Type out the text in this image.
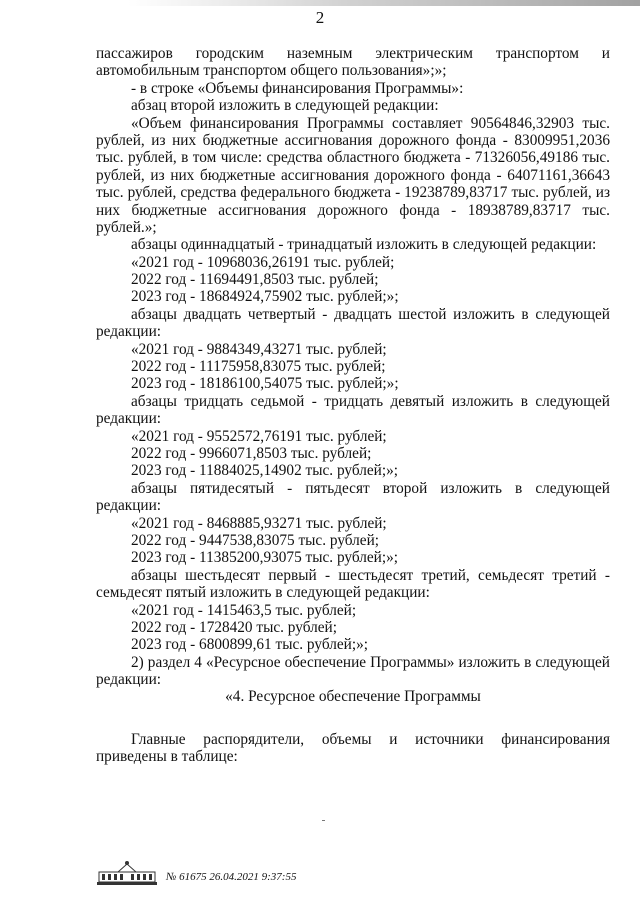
2
пассажиров городским наземным электрическим транспортом и
автомобильным транспортом общего пользования»;»;
- в строке «Объемы финансирования Программы»:
абзац второй изложить в следующей редакции:
«Объем финансирования Программы составляет 90564846,32903 тыс.
рублей, из них бюджетные ассигнования дорожного фонда - 83009951,2036
тыс. рублей, в том числе: средства областного бюджета - 71326056,49186 тыс.
рублей, из них бюджетные ассигнования дорожного фонда - 64071161,36643
тыс. рублей, средства федерального бюджета - 19238789,83717 тыс. рублей, из
них бюджетные ассигнования дорожного фонда - 18938789,83717 тыс.
рублей.»;
абзацы одиннадцатый - тринадцатый изложить в следующей редакции:
«2021 год - 10968036,26191 тыс. рублей;
2022 год - 11694491,8503 тыс. рублей;
2023 год - 18684924,75902 тыс. рублей;»;
абзацы двадцать четвертый - двадцать шестой изложить в следующей
редакции:
«2021 год - 9884349,43271 тыс. рублей;
2022 год - 11175958,83075 тыс. рублей;
2023 год - 18186100,54075 тыс. рублей;»;
абзацы тридцать седьмой - тридцать девятый изложить в следующей
редакции:
«2021 год - 9552572,76191 тыс. рублей;
2022 год - 9966071,8503 тыс. рублей;
2023 год - 11884025,14902 тыс. рублей;»;
абзацы пятидесятый - пятьдесят второй изложить в следующей
редакции:
«2021 год - 8468885,93271 тыс. рублей;
2022 год - 9447538,83075 тыс. рублей;
2023 год - 11385200,93075 тыс. рублей;»;
абзацы шестьдесят первый - шестьдесят третий, семьдесят третий -
семьдесят пятый изложить в следующей редакции:
«2021 год - 1415463,5 тыс. рублей;
2022 год - 1728420 тыс. рублей;
2023 год - 6800899,61 тыс. рублей;»;
2) раздел 4 «Ресурсное обеспечение Программы» изложить в следующей
редакции:
«4. Ресурсное обеспечение Программы
Главные распорядители, объемы и источники финансирования
приведены в таблице:
№ 61675 26.04.2021 9:37:55
